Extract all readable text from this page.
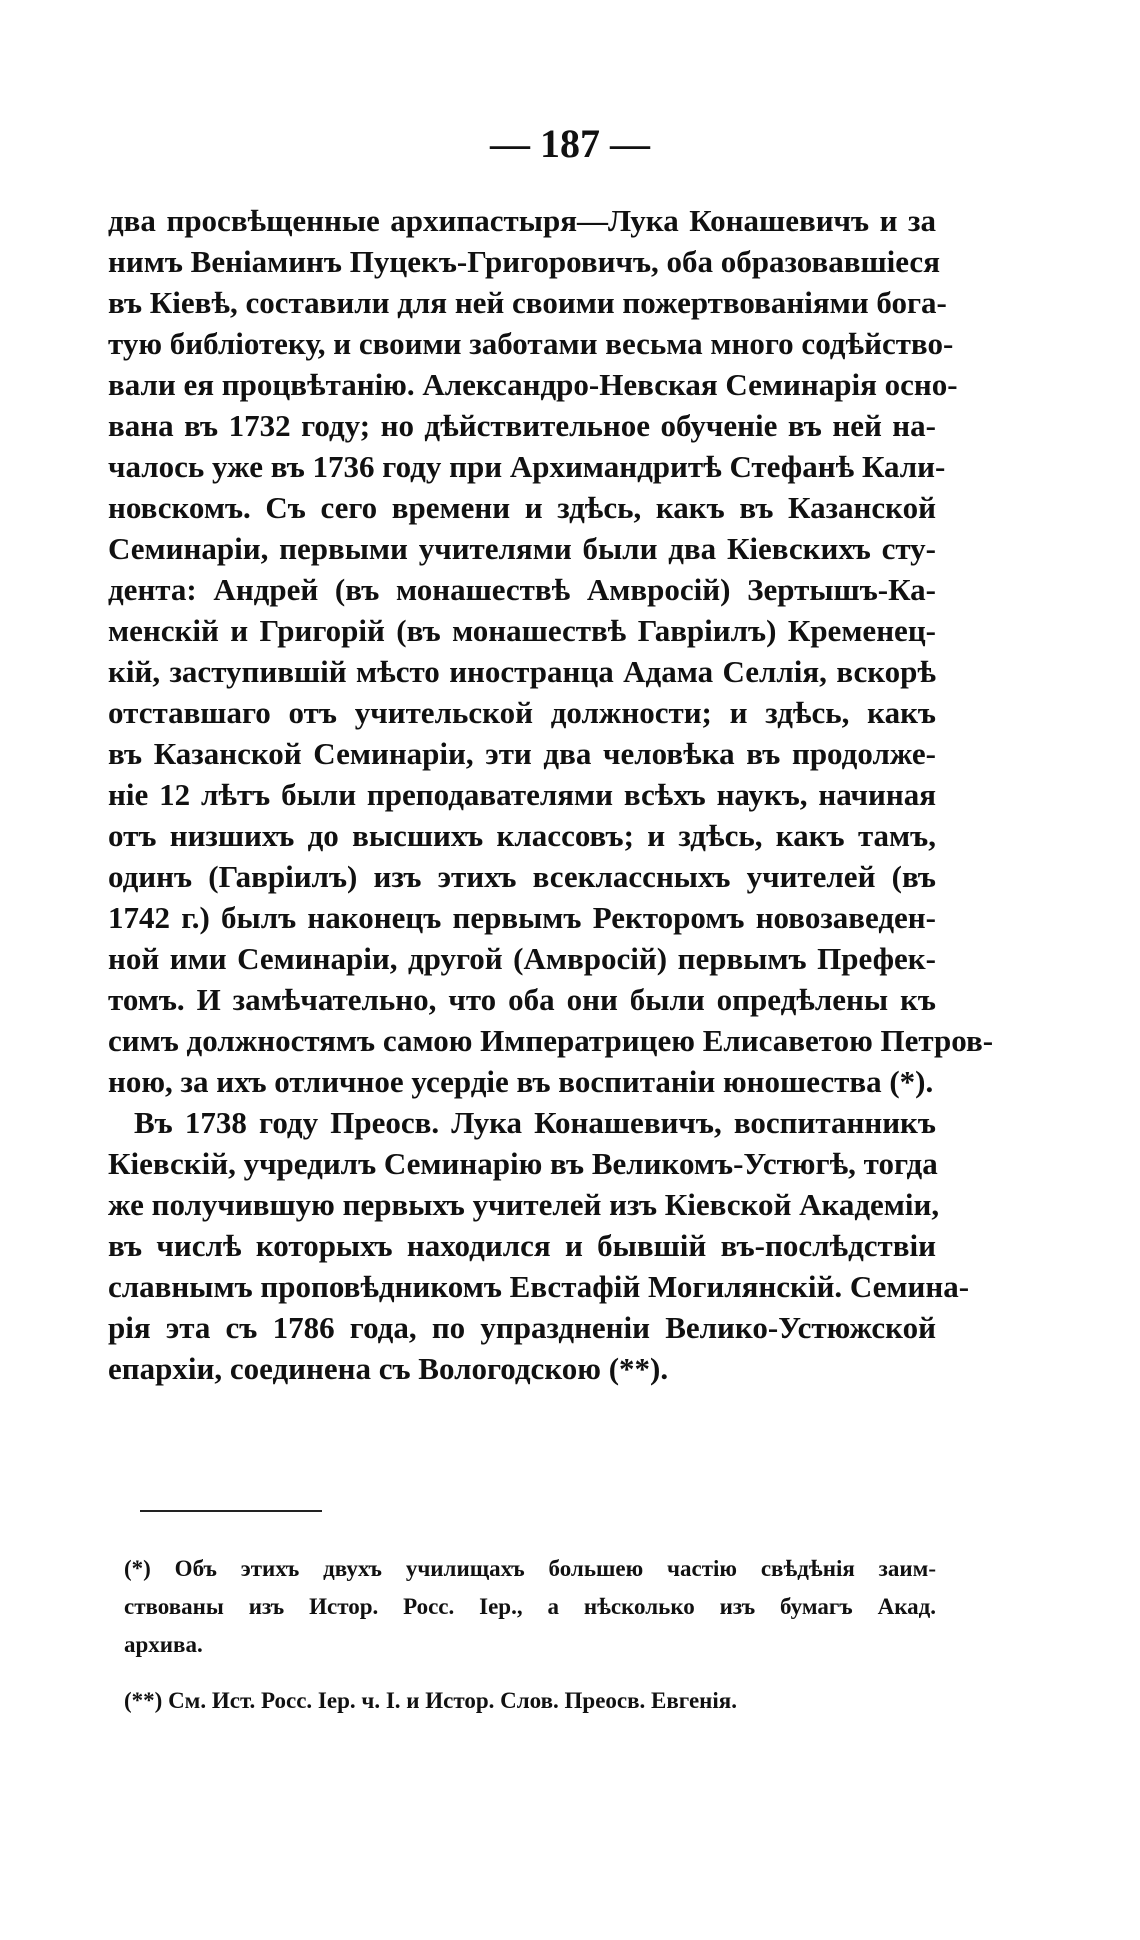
— 187 —
два просвѣщенные архипастыря—Лука Конашевичъ и за
нимъ Веніаминъ Пуцекъ-Григоровичъ, оба образовавшіеся
въ Кіевѣ, составили для ней своими пожертвованіями бога-
тую библіотеку, и своими заботами весьма много содѣйство-
вали ея процвѣтанію. Александро-Невская Семинарія осно-
вана въ 1732 году; но дѣйствительное обученіе въ ней на-
чалось уже въ 1736 году при Архимандритѣ Стефанѣ Кали-
новскомъ. Съ сего времени и здѣсь, какъ въ Казанской
Семинаріи, первыми учителями были два Кіевскихъ сту-
дента: Андрей (въ монашествѣ Амвросій) Зертышъ-Ка-
менскій и Григорій (въ монашествѣ Гавріилъ) Кременец-
кій, заступившій мѣсто иностранца Адама Селлія, вскорѣ
отставшаго отъ учительской должности; и здѣсь, какъ
въ Казанской Семинаріи, эти два человѣка въ продолже-
ніе 12 лѣтъ были преподавателями всѣхъ наукъ, начиная
отъ низшихъ до высшихъ классовъ; и здѣсь, какъ тамъ,
одинъ (Гавріилъ) изъ этихъ всеклассныхъ учителей (въ
1742 г.) былъ наконецъ первымъ Ректоромъ новозаведен-
ной ими Семинаріи, другой (Амвросій) первымъ Префек-
томъ. И замѣчательно, что оба они были опредѣлены къ
симъ должностямъ самою Императрицею Елисаветою Петров-
ною, за ихъ отличное усердіе въ воспитаніи юношества (*).
Въ 1738 году Преосв. Лука Конашевичъ, воспитанникъ
Кіевскій, учредилъ Семинарію въ Великомъ-Устюгѣ, тогда
же получившую первыхъ учителей изъ Кіевской Академіи,
въ числѣ которыхъ находился и бывшій въ-послѣдствіи
славнымъ проповѣдникомъ Евстафій Могилянскій. Семина-
рія эта съ 1786 года, по упраздненіи Велико-Устюжской
епархіи, соединена съ Вологодскою (**).
(*) Объ этихъ двухъ училищахъ большею частію свѣдѣнія заим-
ствованы изъ Истор. Росс. Іер., а нѣсколько изъ бумагъ Акад.
архива.
(**) См. Ист. Росс. Іер. ч. I. и Истор. Слов. Преосв. Евгенія.
